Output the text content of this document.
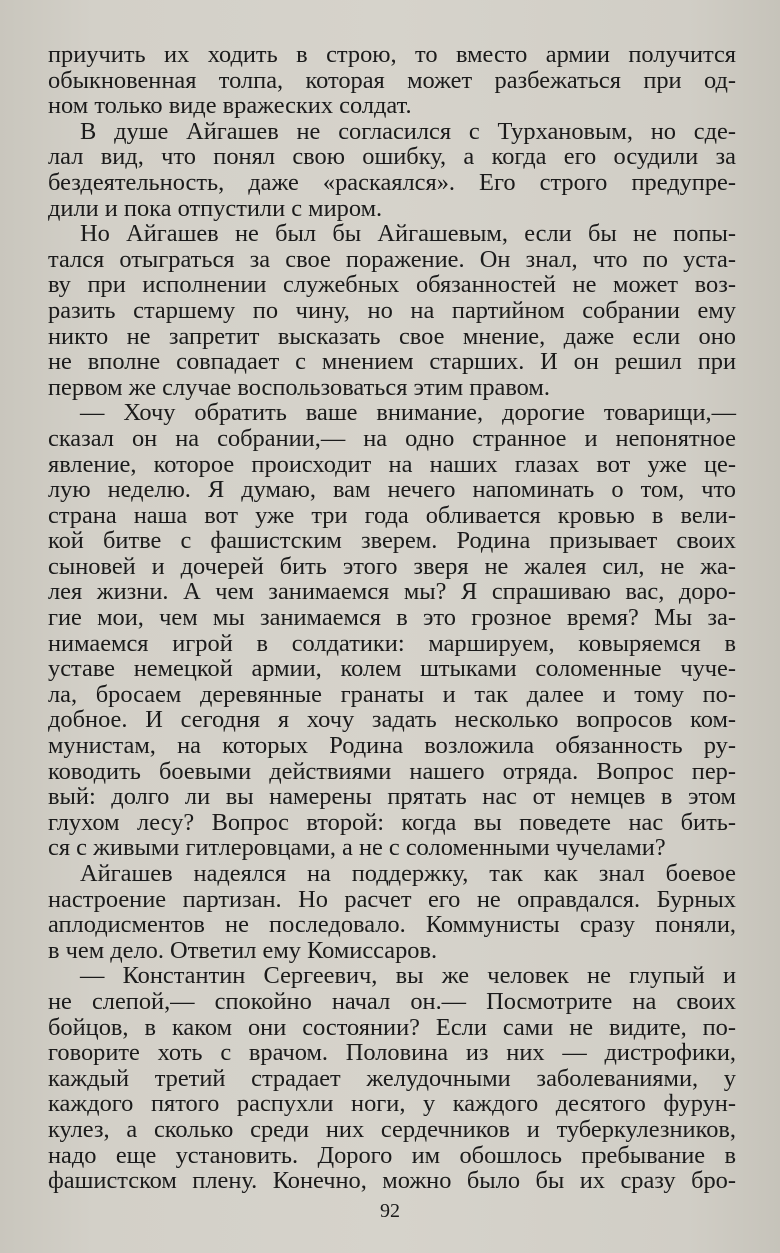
приучить их ходить в строю, то вместо армии получится
обыкновенная толпа, которая может разбежаться при од-
ном только виде вражеских солдат.
В душе Айгашев не согласился с Турхановым, но сде-
лал вид, что понял свою ошибку, а когда его осудили за
бездеятельность, даже «раскаялся». Его строго предупре-
дили и пока отпустили с миром.
Но Айгашев не был бы Айгашевым, если бы не попы-
тался отыграться за свое поражение. Он знал, что по уста-
ву при исполнении служебных обязанностей не может воз-
разить старшему по чину, но на партийном собрании ему
никто не запретит высказать свое мнение, даже если оно
не вполне совпадает с мнением старших. И он решил при
первом же случае воспользоваться этим правом.
— Хочу обратить ваше внимание, дорогие товарищи,—
сказал он на собрании,— на одно странное и непонятное
явление, которое происходит на наших глазах вот уже це-
лую неделю. Я думаю, вам нечего напоминать о том, что
страна наша вот уже три года обливается кровью в вели-
кой битве с фашистским зверем. Родина призывает своих
сыновей и дочерей бить этого зверя не жалея сил, не жа-
лея жизни. А чем занимаемся мы? Я спрашиваю вас, доро-
гие мои, чем мы занимаемся в это грозное время? Мы за-
нимаемся игрой в солдатики: маршируем, ковыряемся в
уставе немецкой армии, колем штыками соломенные чуче-
ла, бросаем деревянные гранаты и так далее и тому по-
добное. И сегодня я хочу задать несколько вопросов ком-
мунистам, на которых Родина возложила обязанность ру-
ководить боевыми действиями нашего отряда. Вопрос пер-
вый: долго ли вы намерены прятать нас от немцев в этом
глухом лесу? Вопрос второй: когда вы поведете нас бить-
ся с живыми гитлеровцами, а не с соломенными чучелами?
Айгашев надеялся на поддержку, так как знал боевое
настроение партизан. Но расчет его не оправдался. Бурных
аплодисментов не последовало. Коммунисты сразу поняли,
в чем дело. Ответил ему Комиссаров.
— Константин Сергеевич, вы же человек не глупый и
не слепой,— спокойно начал он.— Посмотрите на своих
бойцов, в каком они состоянии? Если сами не видите, по-
говорите хоть с врачом. Половина из них — дистрофики,
каждый третий страдает желудочными заболеваниями, у
каждого пятого распухли ноги, у каждого десятого фурун-
кулез, а сколько среди них сердечников и туберкулезников,
надо еще установить. Дорого им обошлось пребывание в
фашистском плену. Конечно, можно было бы их сразу бро-
92
